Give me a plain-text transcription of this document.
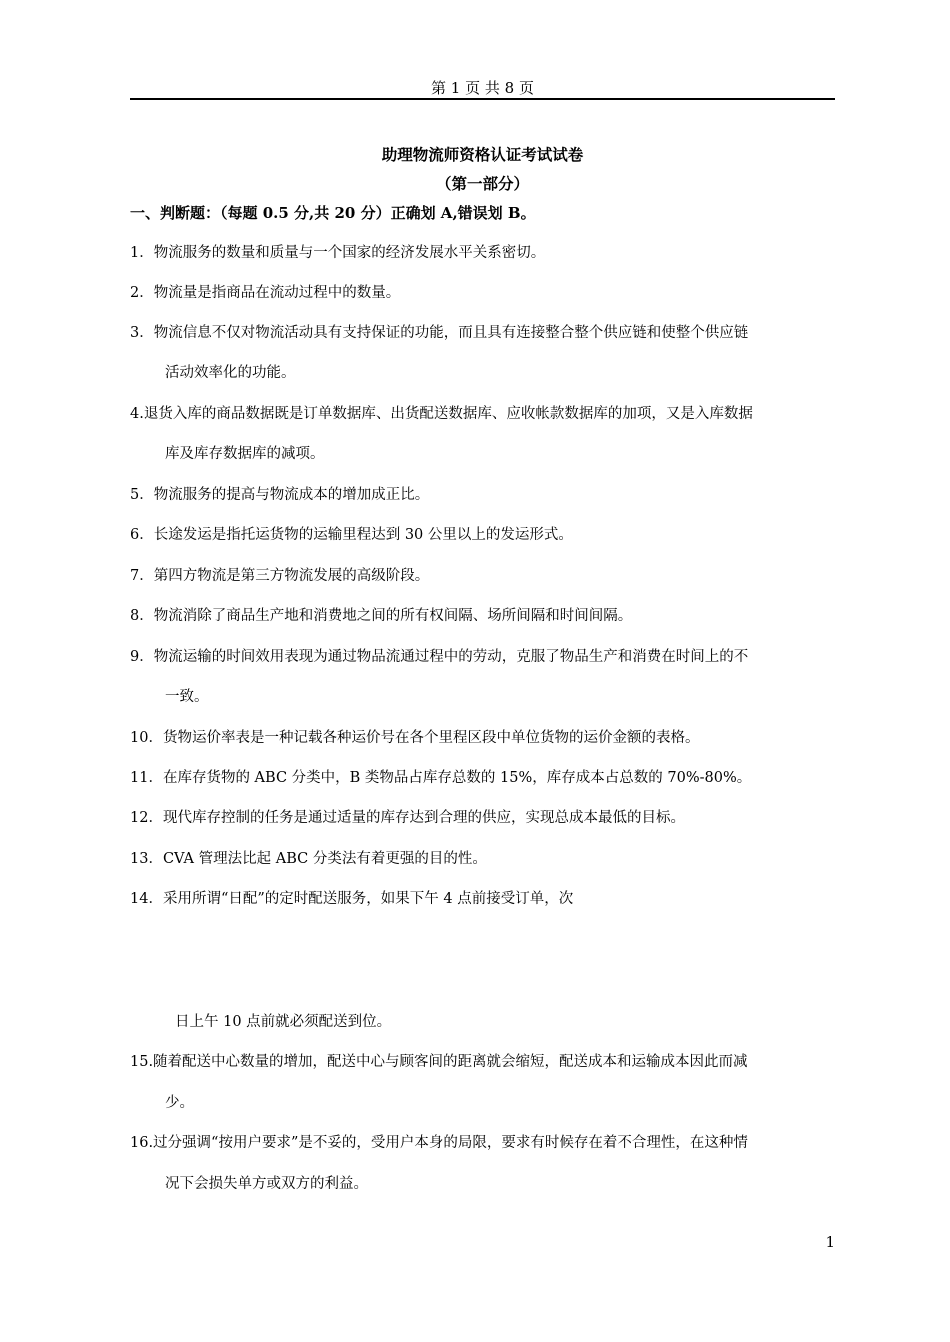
第 1 页 共 8 页
助理物流师资格认证考试试卷
（第一部分）
一、判断题：（每题 0.5 分,共 20 分）正确划 A,错误划 B。
1．物流服务的数量和质量与一个国家的经济发展水平关系密切。
2．物流量是指商品在流动过程中的数量。
3．物流信息不仅对物流活动具有支持保证的功能，而且具有连接整合整个供应链和使整个供应链
活动效率化的功能。
4.退货入库的商品数据既是订单数据库、出货配送数据库、应收帐款数据库的加项，又是入库数据
库及库存数据库的减项。
5．物流服务的提高与物流成本的增加成正比。
6．长途发运是指托运货物的运输里程达到 30 公里以上的发运形式。
7．第四方物流是第三方物流发展的高级阶段。
8．物流消除了商品生产地和消费地之间的所有权间隔、场所间隔和时间间隔。
9．物流运输的时间效用表现为通过物品流通过程中的劳动，克服了物品生产和消费在时间上的不
一致。
10．货物运价率表是一种记载各种运价号在各个里程区段中单位货物的运价金额的表格。
11．在库存货物的 ABC 分类中，B 类物品占库存总数的 15%，库存成本占总数的 70%-80%。
12．现代库存控制的任务是通过适量的库存达到合理的供应，实现总成本最低的目标。
13．CVA 管理法比起 ABC 分类法有着更强的目的性。
14．采用所谓“日配”的定时配送服务，如果下午 4 点前接受订单，次
日上午 10 点前就必须配送到位。
15.随着配送中心数量的增加，配送中心与顾客间的距离就会缩短，配送成本和运输成本因此而减
少。
16.过分强调“按用户要求”是不妥的，受用户本身的局限，要求有时候存在着不合理性，在这种情
况下会损失单方或双方的利益。
1
